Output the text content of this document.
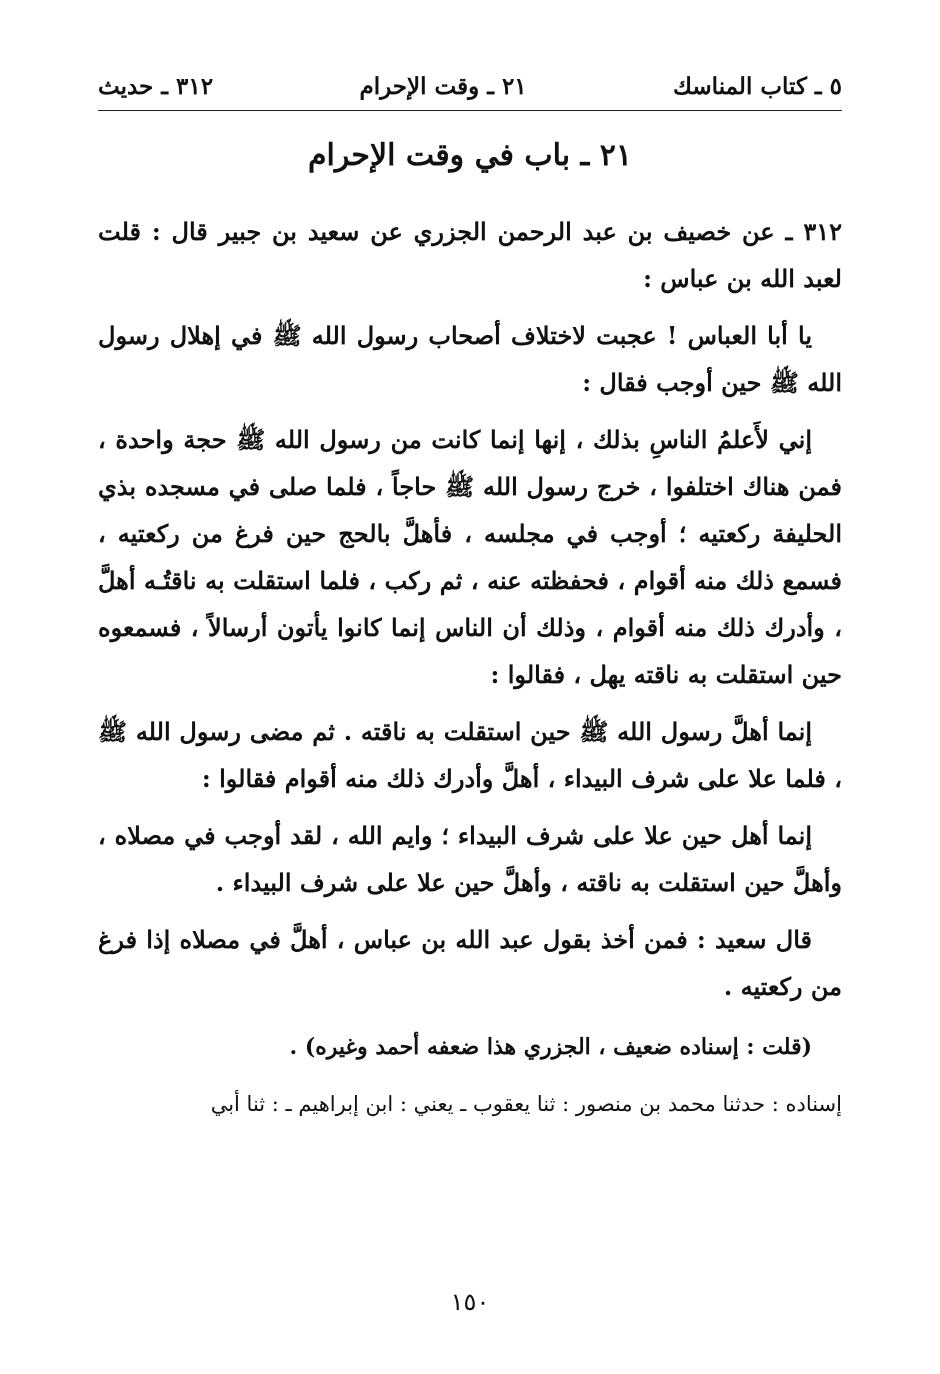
٥ ـ كتاب المناسك
٢١ ـ وقت الإحرام
٣١٢ ـ حديث
٢١ ـ باب في وقت الإحرام

٣١٢ ـ عن خصيف بن عبد الرحمن الجزري عن سعيد بن جبير قال : قلت لعبد الله بن عباس :

يا أبا العباس ! عجبت لاختلاف أصحاب رسول الله ﷺ في إهلال رسول الله ﷺ حين أوجب فقال :

إني لأَعلمُ الناسِ بذلك ، إنها إنما كانت من رسول الله ﷺ حجة واحدة ، فمن هناك اختلفوا ، خرج رسول الله ﷺ حاجاً ، فلما صلى في مسجده بذي الحليفة ركعتيه ؛ أوجب في مجلسه ، فأهلَّ بالحج حين فرغ من ركعتيه ، فسمع ذلك منه أقوام ، فحفظته عنه ، ثم ركب ، فلما استقلت به ناقتُـه أهلَّ ، وأدرك ذلك منه أقوام ، وذلك أن الناس إنما كانوا يأتون أرسالاً ، فسمعوه حين استقلت به ناقته يهل ، فقالوا :

إنما أهلَّ رسول الله ﷺ حين استقلت به ناقته . ثم مضى رسول الله ﷺ ، فلما علا على شرف البيداء ، أهلَّ وأدرك ذلك منه أقوام فقالوا :

إنما أهل حين علا على شرف البيداء ؛ وايم الله ، لقد أوجب في مصلاه ، وأهلَّ حين استقلت به ناقته ، وأهلَّ حين علا على شرف البيداء .

قال سعيد : فمن أخذ بقول عبد الله بن عباس ، أهلَّ في مصلاه إذا فرغ من ركعتيه .

(قلت : إسناده ضعيف ، الجزري هذا ضعفه أحمد وغيره) .

إسناده : حدثنا محمد بن منصور : ثنا يعقوب ـ يعني : ابن إبراهيم ـ : ثنا أبي

١٥٠
